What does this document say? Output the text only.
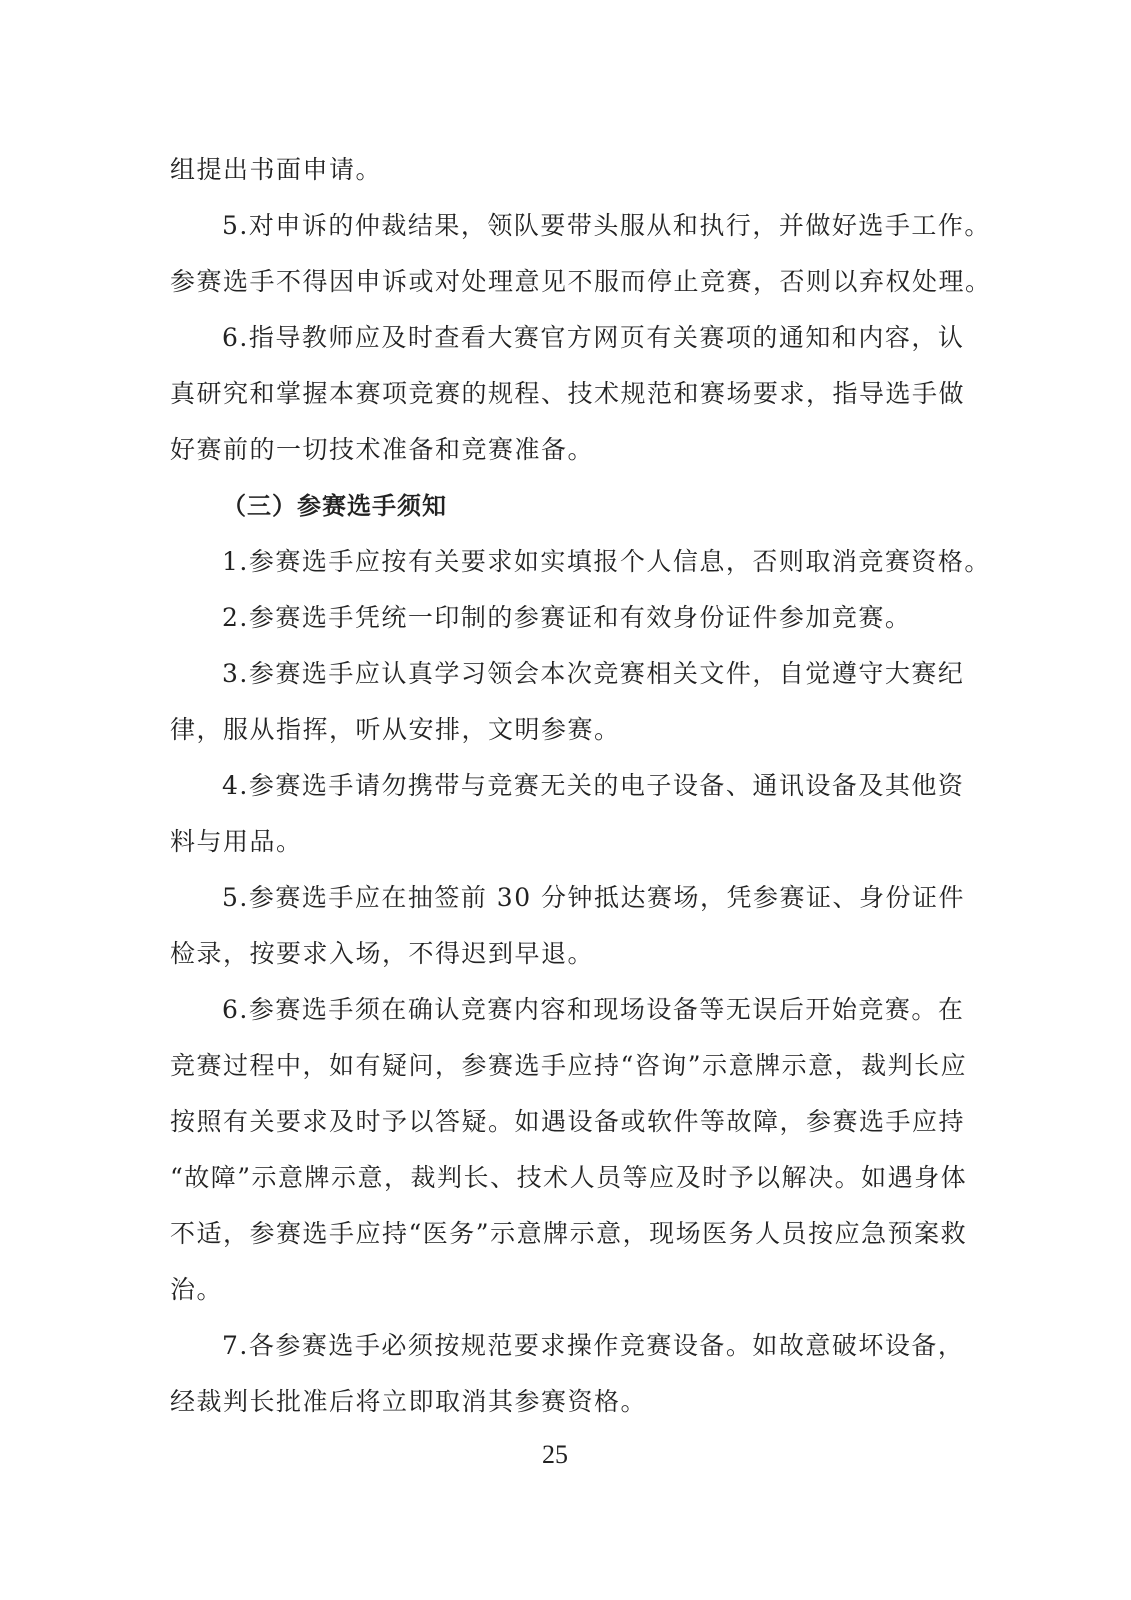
组提出书面申请。
5.对申诉的仲裁结果，领队要带头服从和执行，并做好选手工作。
参赛选手不得因申诉或对处理意见不服而停止竞赛，否则以弃权处理。
6.指导教师应及时查看大赛官方网页有关赛项的通知和内容，认
真研究和掌握本赛项竞赛的规程、技术规范和赛场要求，指导选手做
好赛前的一切技术准备和竞赛准备。
（三）参赛选手须知
1.参赛选手应按有关要求如实填报个人信息，否则取消竞赛资格。
2.参赛选手凭统一印制的参赛证和有效身份证件参加竞赛。
3.参赛选手应认真学习领会本次竞赛相关文件，自觉遵守大赛纪
律，服从指挥，听从安排，文明参赛。
4.参赛选手请勿携带与竞赛无关的电子设备、通讯设备及其他资
料与用品。
5.参赛选手应在抽签前 30 分钟抵达赛场，凭参赛证、身份证件
检录，按要求入场，不得迟到早退。
6.参赛选手须在确认竞赛内容和现场设备等无误后开始竞赛。在
竞赛过程中，如有疑问，参赛选手应持“咨询”示意牌示意，裁判长应
按照有关要求及时予以答疑。如遇设备或软件等故障，参赛选手应持
“故障”示意牌示意，裁判长、技术人员等应及时予以解决。如遇身体
不适，参赛选手应持“医务”示意牌示意，现场医务人员按应急预案救
治。
7.各参赛选手必须按规范要求操作竞赛设备。如故意破坏设备，
经裁判长批准后将立即取消其参赛资格。
25
